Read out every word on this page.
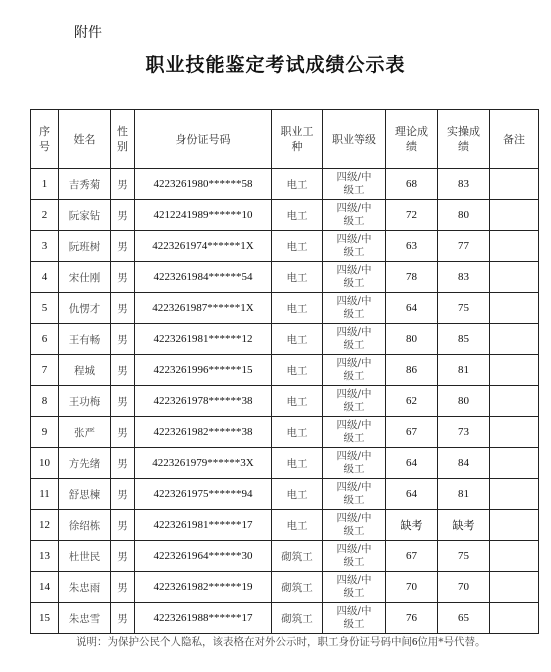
附件
职业技能鉴定考试成绩公示表
序号	姓名	性别	身份证号码	职业工种	职业等级	理论成绩	实操成绩	备注
1	吉秀菊	男	4223261980******58	电工	四级/中级工	68	83	
2	阮家钻	男	4212241989******10	电工	四级/中级工	72	80	
3	阮班树	男	4223261974******1X	电工	四级/中级工	63	77	
4	宋仕刚	男	4223261984******54	电工	四级/中级工	78	83	
5	仇愣才	男	4223261987******1X	电工	四级/中级工	64	75	
6	王有畅	男	4223261981******12	电工	四级/中级工	80	85	
7	程城	男	4223261996******15	电工	四级/中级工	86	81	
8	王功梅	男	4223261978******38	电工	四级/中级工	62	80	
9	张严	男	4223261982******38	电工	四级/中级工	67	73	
10	方先绪	男	4223261979******3X	电工	四级/中级工	64	84	
11	舒思楝	男	4223261975******94	电工	四级/中级工	64	81	
12	徐绍栋	男	4223261981******17	电工	四级/中级工	缺考	缺考	
13	杜世民	男	4223261964******30	砌筑工	四级/中级工	67	75	
14	朱忠雨	男	4223261982******19	砌筑工	四级/中级工	70	70	
15	朱忠雪	男	4223261988******17	砌筑工	四级/中级工	76	65	
说明：为保护公民个人隐私，该表格在对外公示时，职工身份证号码中间6位用*号代替。
